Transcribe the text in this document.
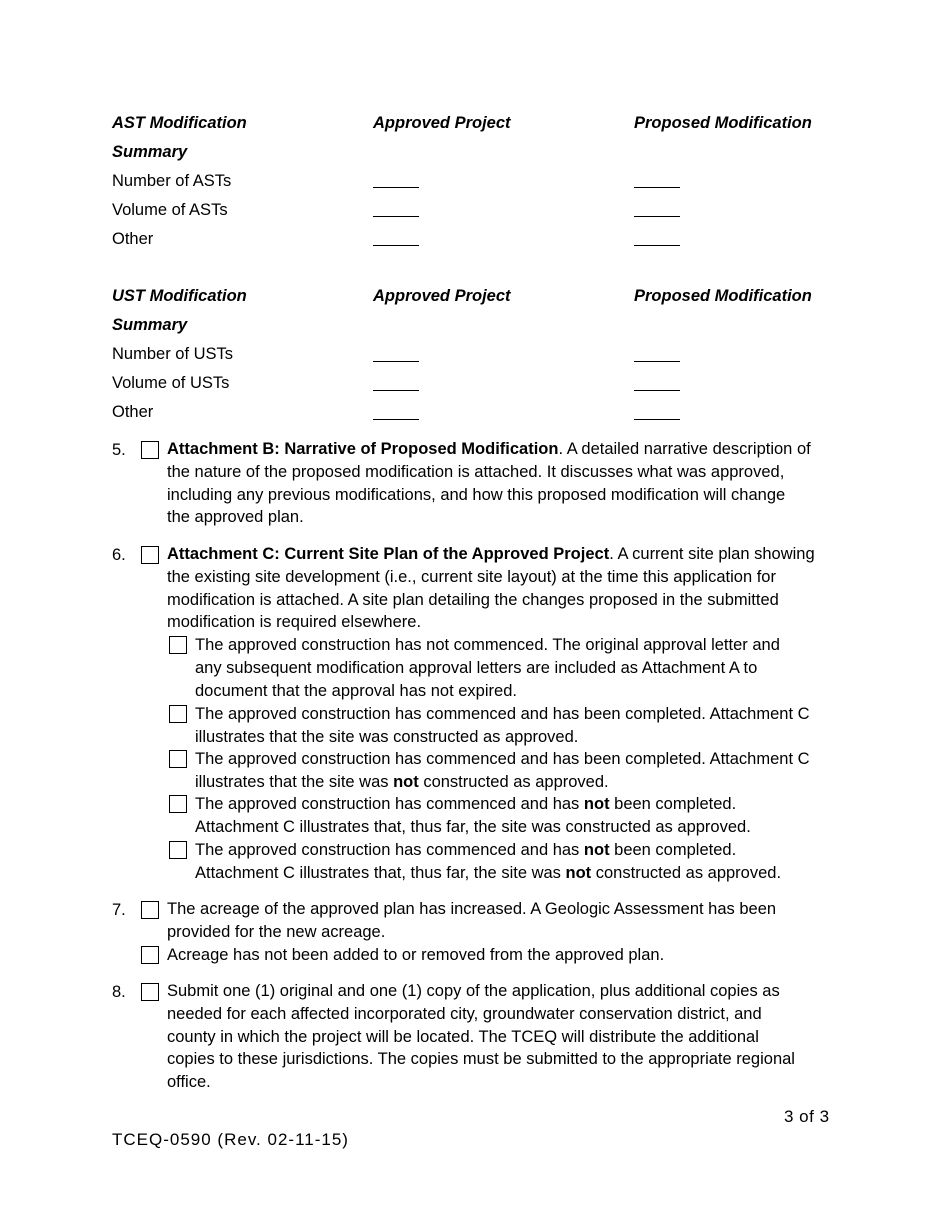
AST Modification
Summary
Approved Project	Proposed Modification
Number of ASTs
Volume of ASTs
Other
UST Modification
Summary
Approved Project	Proposed Modification
Number of USTs
Volume of USTs
Other
5. Attachment B: Narrative of Proposed Modification. A detailed narrative description of
the nature of the proposed modification is attached. It discusses what was approved,
including any previous modifications, and how this proposed modification will change
the approved plan.
6. Attachment C: Current Site Plan of the Approved Project. A current site plan showing
the existing site development (i.e., current site layout) at the time this application for
modification is attached. A site plan detailing the changes proposed in the submitted
modification is required elsewhere.
The approved construction has not commenced. The original approval letter and
any subsequent modification approval letters are included as Attachment A to
document that the approval has not expired.
The approved construction has commenced and has been completed. Attachment C
illustrates that the site was constructed as approved.
The approved construction has commenced and has been completed. Attachment C
illustrates that the site was not constructed as approved.
The approved construction has commenced and has not been completed.
Attachment C illustrates that, thus far, the site was constructed as approved.
The approved construction has commenced and has not been completed.
Attachment C illustrates that, thus far, the site was not constructed as approved.
7. The acreage of the approved plan has increased. A Geologic Assessment has been
provided for the new acreage.
Acreage has not been added to or removed from the approved plan.
8. Submit one (1) original and one (1) copy of the application, plus additional copies as
needed for each affected incorporated city, groundwater conservation district, and
county in which the project will be located. The TCEQ will distribute the additional
copies to these jurisdictions. The copies must be submitted to the appropriate regional
office.
3 of 3
TCEQ-0590 (Rev. 02-11-15)
